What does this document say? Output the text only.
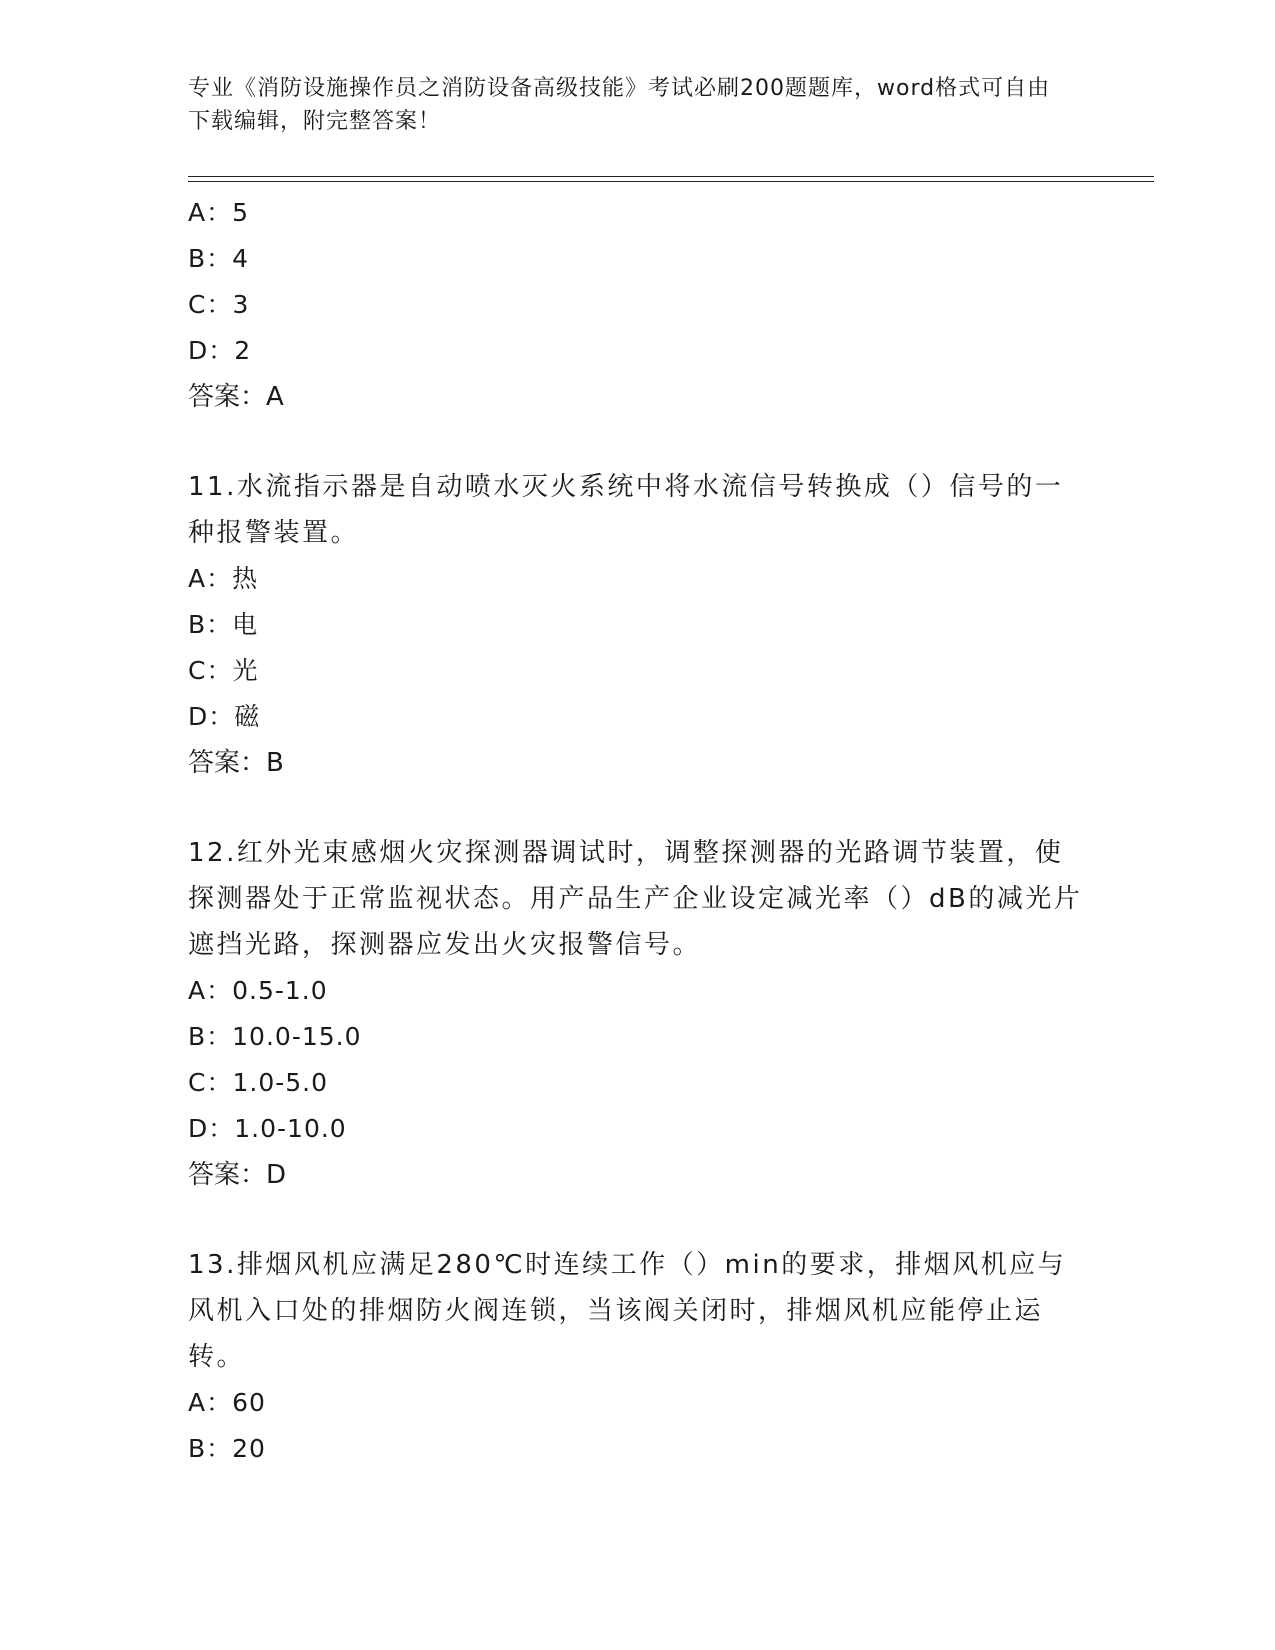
专业《消防设施操作员之消防设备高级技能》考试必刷200题题库，word格式可自由下载编辑，附完整答案！
A：5
B：4
C：3
D：2
答案：A
11.水流指示器是自动喷水灭火系统中将水流信号转换成（）信号的一种报警装置。
A：热
B：电
C：光
D：磁
答案：B
12.红外光束感烟火灾探测器调试时，调整探测器的光路调节装置，使探测器处于正常监视状态。用产品生产企业设定减光率（）dB的减光片遮挡光路，探测器应发出火灾报警信号。
A：0.5-1.0
B：10.0-15.0
C：1.0-5.0
D：1.0-10.0
答案：D
13.排烟风机应满足280℃时连续工作（）min的要求，排烟风机应与风机入口处的排烟防火阀连锁，当该阀关闭时，排烟风机应能停止运转。
A：60
B：20
